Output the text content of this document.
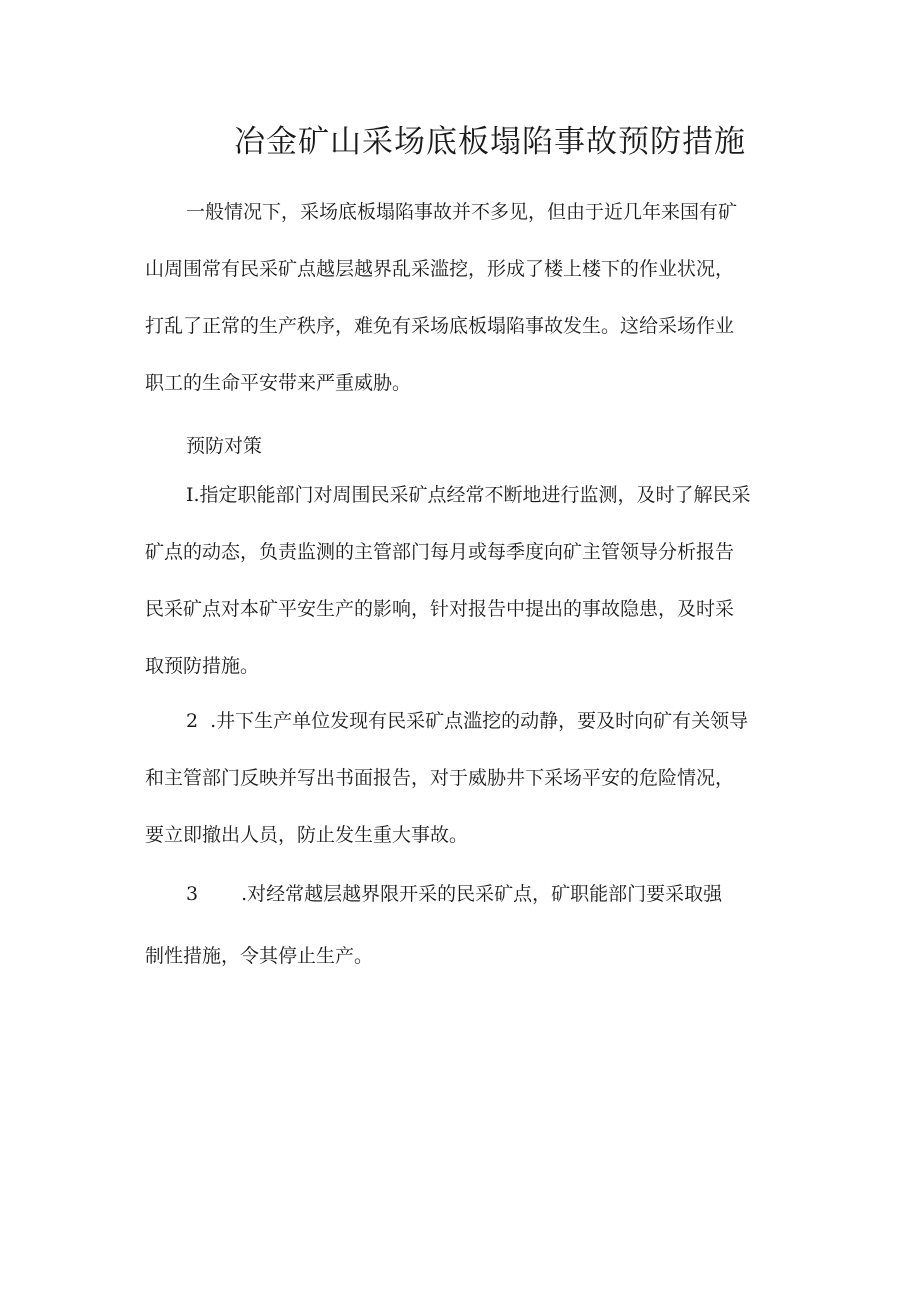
冶金矿山采场底板塌陷事故预防措施
一般情况下，采场底板塌陷事故并不多见，但由于近几年来国有矿
山周围常有民采矿点越层越界乱采滥挖，形成了楼上楼下的作业状况，
打乱了正常的生产秩序，难免有采场底板塌陷事故发生。这给采场作业
职工的生命平安带来严重威胁。
预防对策
I.指定职能部门对周围民采矿点经常不断地进行监测，及时了解民采
矿点的动态，负责监测的主管部门每月或每季度向矿主管领导分析报告
民采矿点对本矿平安生产的影响，针对报告中提出的事故隐患，及时采
取预防措施。
2 .井下生产单位发现有民采矿点滥挖的动静，要及时向矿有关领导
和主管部门反映并写出书面报告，对于威胁井下采场平安的危险情况，
要立即撤出人员，防止发生重大事故。
3 .对经常越层越界限开采的民采矿点，矿职能部门要采取强
制性措施，令其停止生产。
